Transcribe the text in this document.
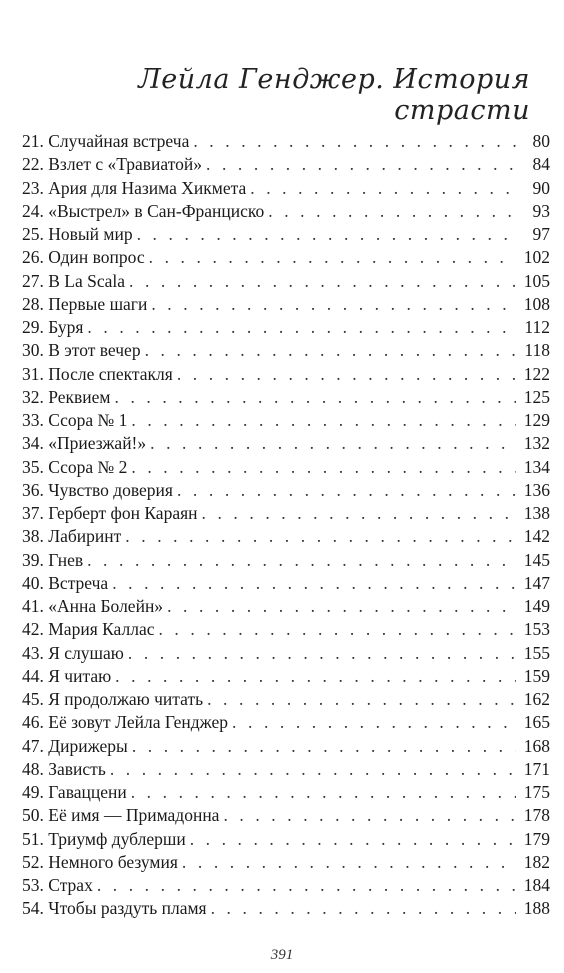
Лейла Генджер. История страсти
21. Случайная встреча . . .	80
22. Взлет с «Травиатой» . . .	84
23. Ария для Назима Хикмета . . .	90
24. «Выстрел» в Сан-Франциско . . .	93
25. Новый мир . . .	97
26. Один вопрос . . .	102
27. В La Scala . . .	105
28. Первые шаги . . .	108
29. Буря . . .	112
30. В этот вечер . . .	118
31. После спектакля . . .	122
32. Реквием . . .	125
33. Ссора № 1 . . .	129
34. «Приезжай!» . . .	132
35. Ссора № 2 . . .	134
36. Чувство доверия . . .	136
37. Герберт фон Караян . . .	138
38. Лабиринт . . .	142
39. Гнев . . .	145
40. Встреча . . .	147
41. «Анна Болейн» . . .	149
42. Мария Каллас . . .	153
43. Я слушаю . . .	155
44. Я читаю . . .	159
45. Я продолжаю читать . . .	162
46. Её зовут Лейла Генджер . . .	165
47. Дирижеры . . .	168
48. Зависть . . .	171
49. Гаваццени . . .	175
50. Её имя — Примадонна . . .	178
51. Триумф дублерши . . .	179
52. Немного безумия . . .	182
53. Страх . . .	184
54. Чтобы раздуть пламя . . .	188
391
